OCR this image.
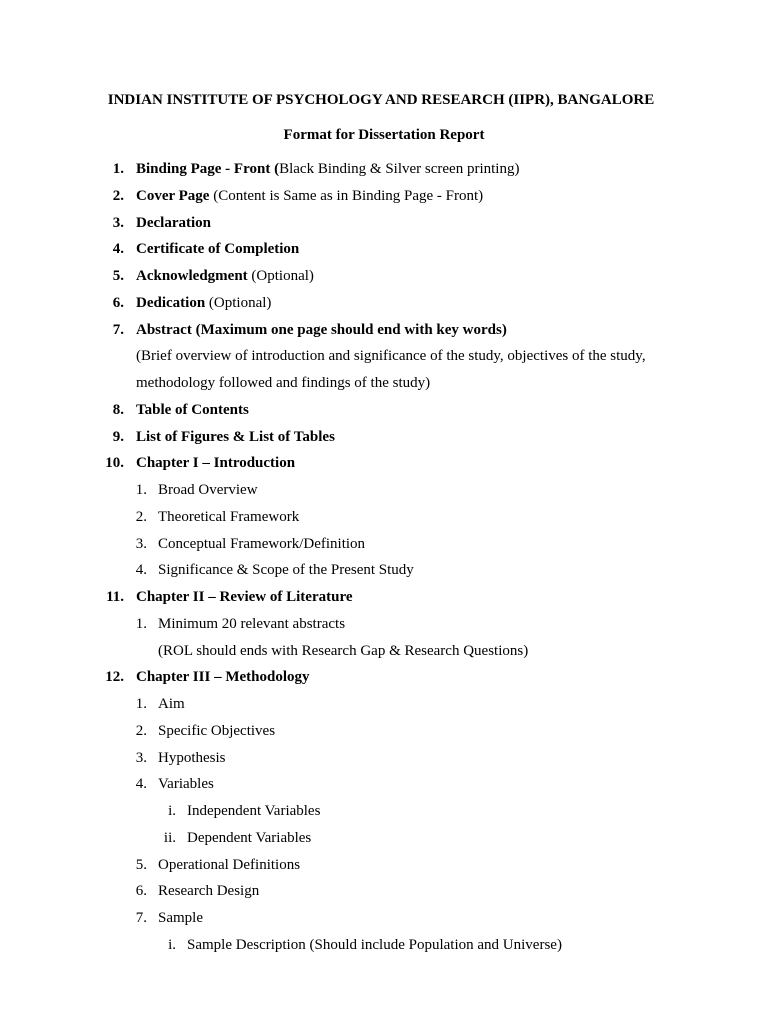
INDIAN INSTITUTE OF PSYCHOLOGY AND RESEARCH (IIPR), BANGALORE
Format for Dissertation Report
1. Binding Page - Front (Black Binding & Silver screen printing)
2. Cover Page (Content is Same as in Binding Page - Front)
3. Declaration
4. Certificate of Completion
5. Acknowledgment (Optional)
6. Dedication (Optional)
7. Abstract (Maximum one page should end with key words)
(Brief overview of introduction and significance of the study, objectives of the study,
methodology followed and findings of the study)
8. Table of Contents
9. List of Figures & List of Tables
10. Chapter I – Introduction
1. Broad Overview
2. Theoretical Framework
3. Conceptual Framework/Definition
4. Significance & Scope of the Present Study
11. Chapter II – Review of Literature
1. Minimum 20 relevant abstracts
(ROL should ends with Research Gap & Research Questions)
12. Chapter III – Methodology
1. Aim
2. Specific Objectives
3. Hypothesis
4. Variables
i. Independent Variables
ii. Dependent Variables
5. Operational Definitions
6. Research Design
7. Sample
i. Sample Description (Should include Population and Universe)
